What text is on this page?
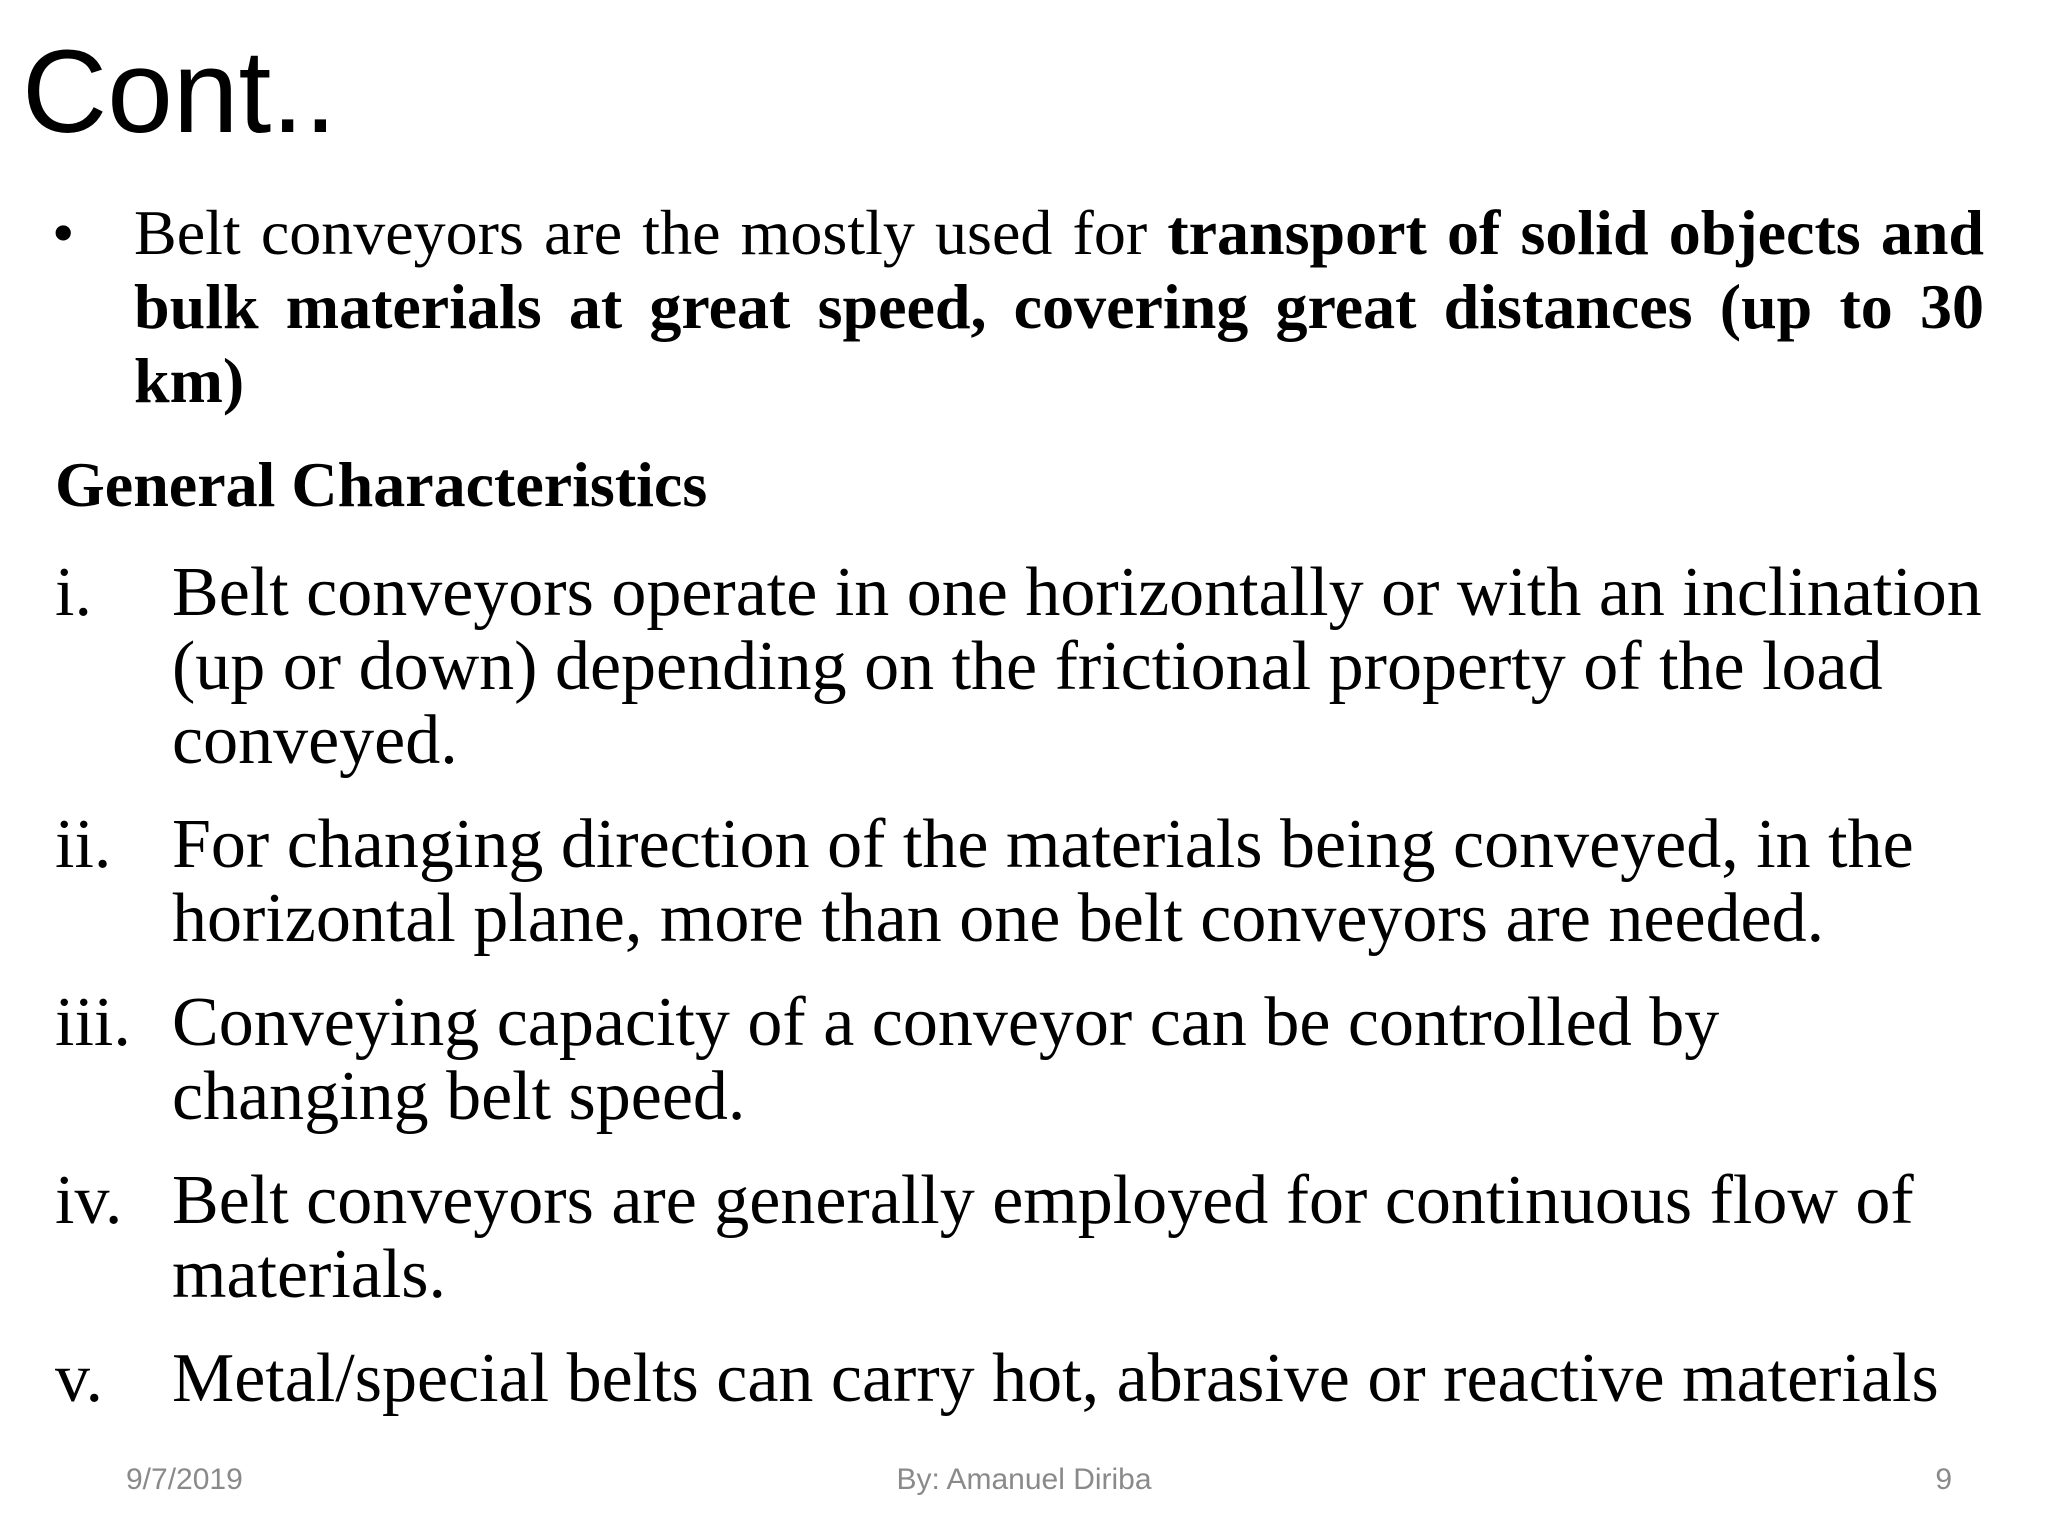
Cont..
• Belt conveyors are the mostly used for transport of solid objects and bulk materials at great speed, covering great distances (up to 30 km)
General Characteristics
i. Belt conveyors operate in one horizontally or with an inclination (up or down) depending on the frictional property of the load conveyed.
ii. For changing direction of the materials being conveyed, in the horizontal plane, more than one belt conveyors are needed.
iii. Conveying capacity of a conveyor can be controlled by changing belt speed.
iv. Belt conveyors are generally employed for continuous flow of materials.
v. Metal/special belts can carry hot, abrasive or reactive materials
9/7/2019	By: Amanuel Diriba	9
